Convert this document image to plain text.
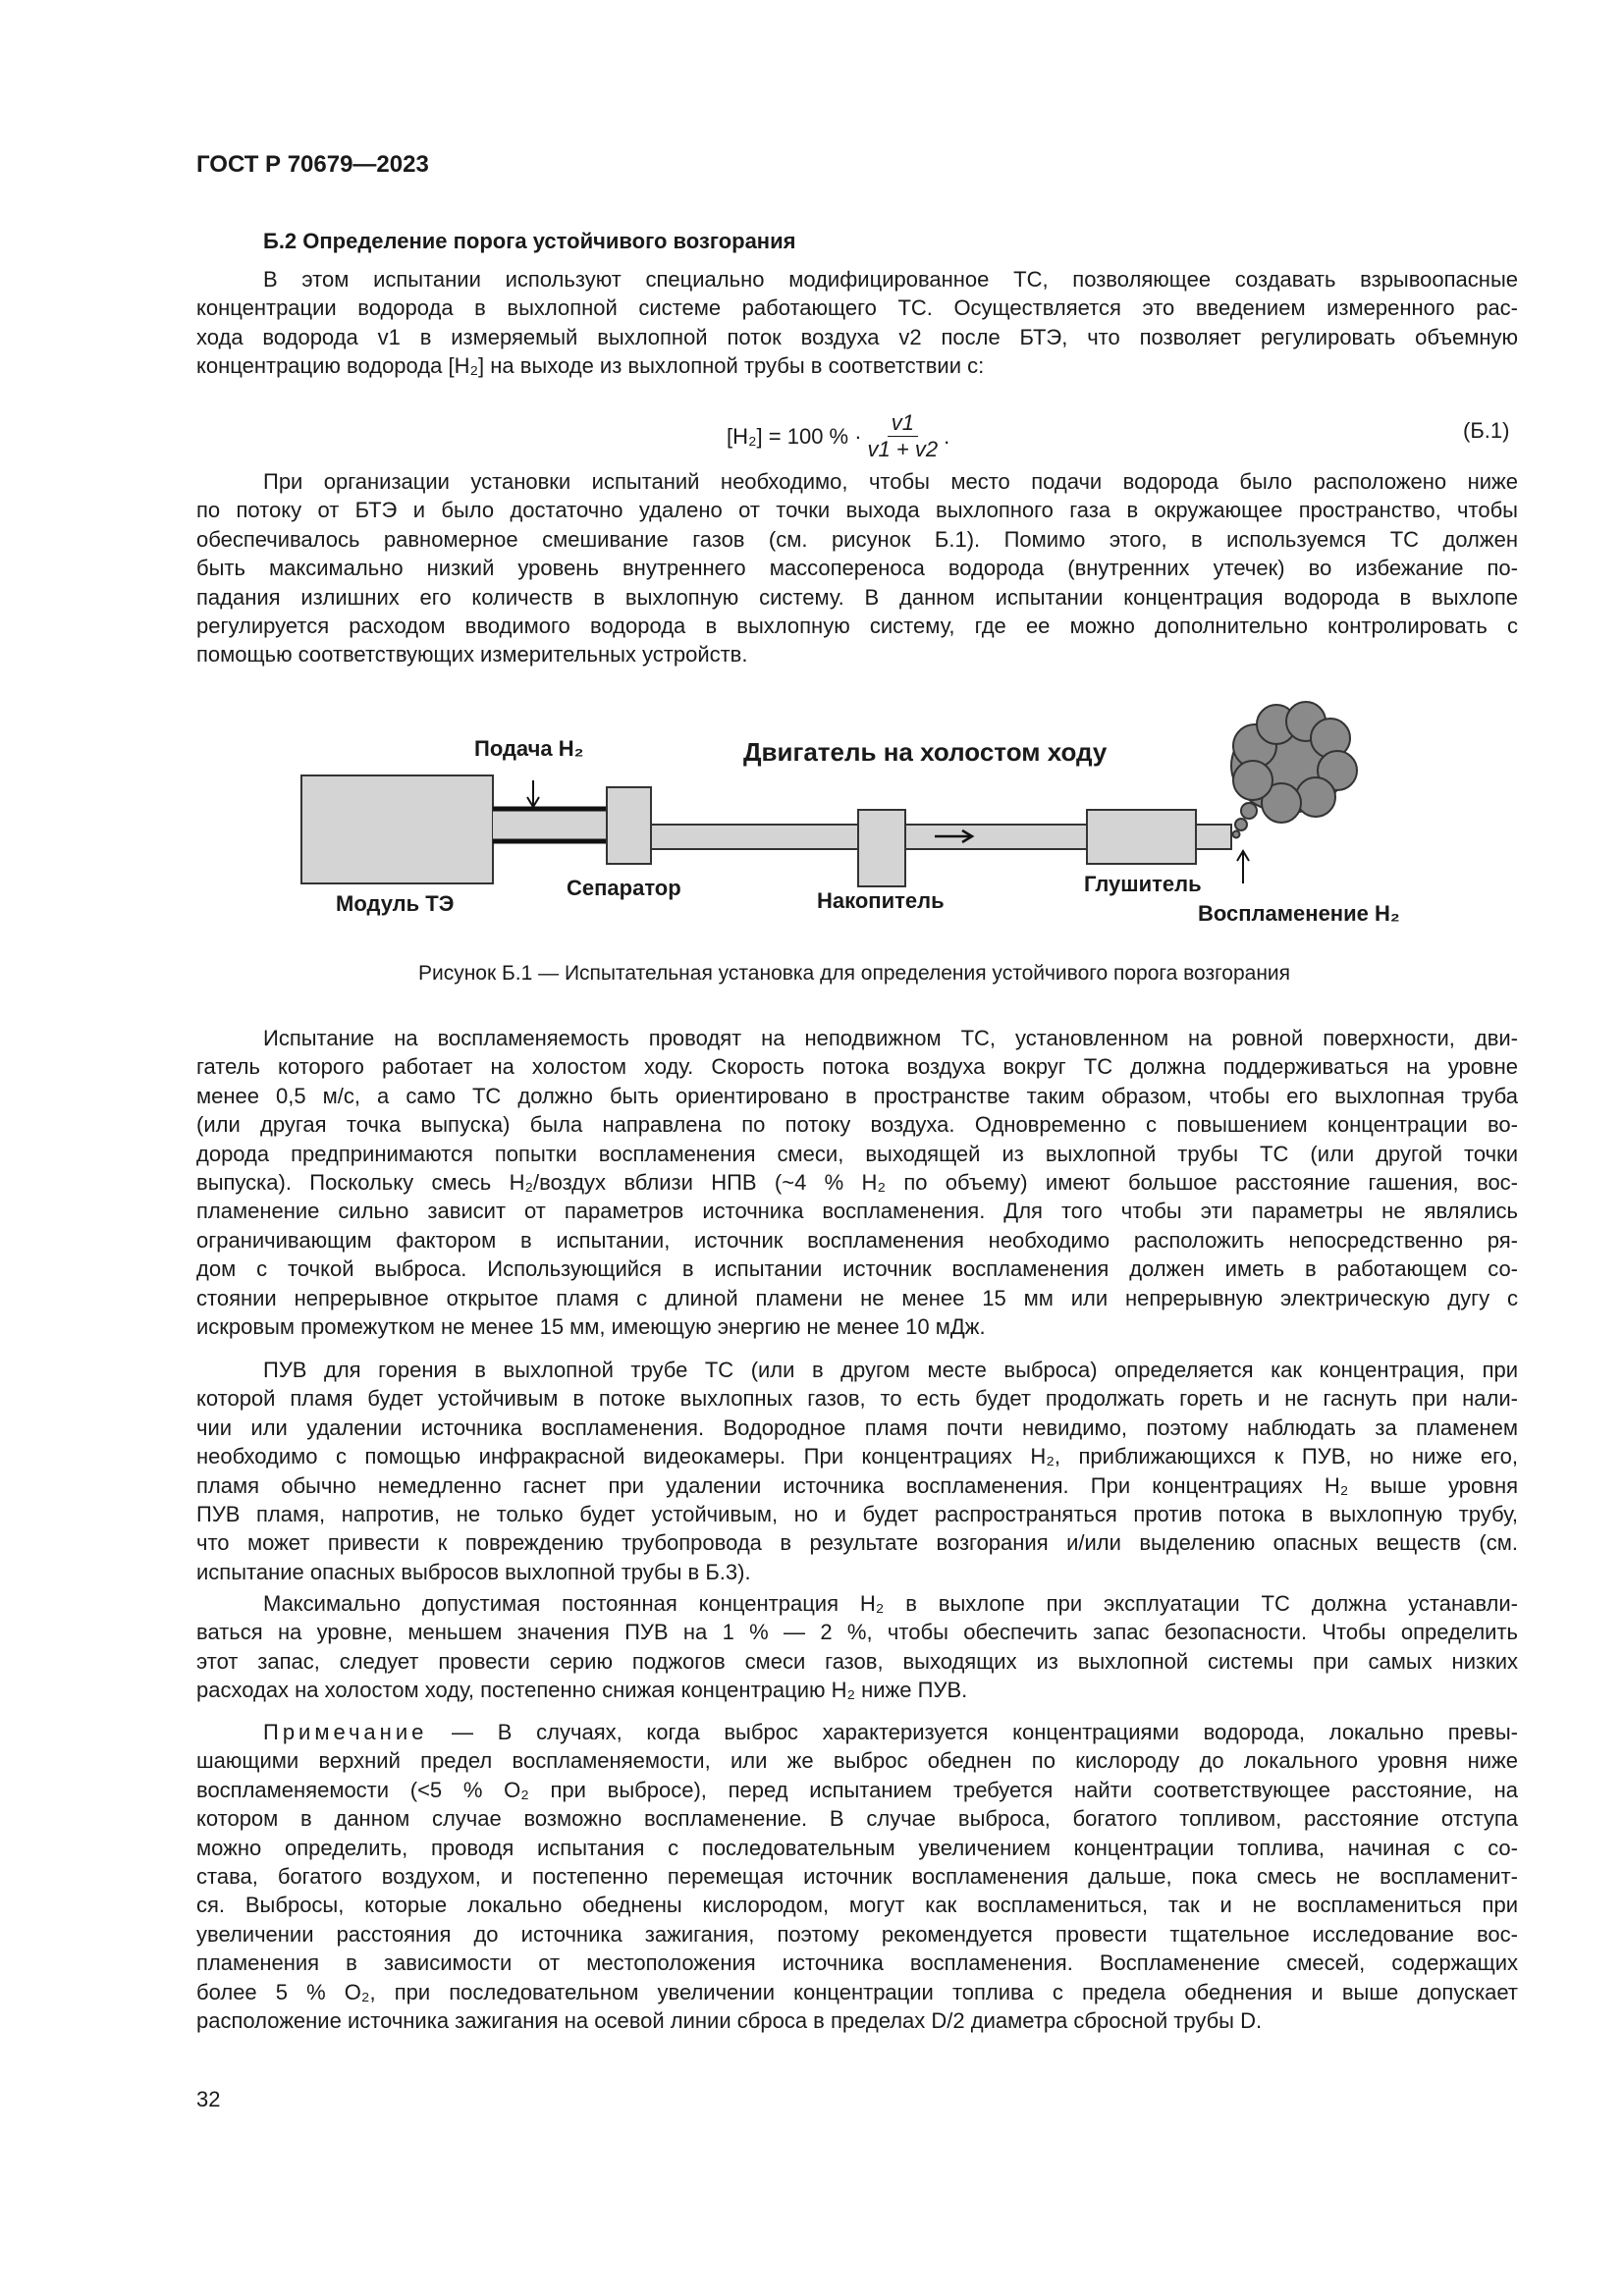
ГОСТ Р 70679—2023
Б.2 Определение порога устойчивого возгорания
В этом испытании используют специально модифицированное ТС, позволяющее создавать взрывоопасные
концентрации водорода в выхлопной системе работающего ТС. Осуществляется это введением измеренного рас-
хода водорода v1 в измеряемый выхлопной поток воздуха v2 после БТЭ, что позволяет регулировать объемную
концентрацию водорода [H₂] на выходе из выхлопной трубы в соответствии с:
[H₂] = 100 % · $\frac{v1}{v1 + v2}$ .	(Б.1)
При организации установки испытаний необходимо, чтобы место подачи водорода было расположено ниже
по потоку от БТЭ и было достаточно удалено от точки выхода выхлопного газа в окружающее пространство, чтобы
обеспечивалось равномерное смешивание газов (см. рисунок Б.1). Помимо этого, в используемся ТС должен
быть максимально низкий уровень внутреннего массопереноса водорода (внутренних утечек) во избежание по-
падания излишних его количеств в выхлопную систему. В данном испытании концентрация водорода в выхлопе
регулируется расходом вводимого водорода в выхлопную систему, где ее можно дополнительно контролировать с
помощью соответствующих измерительных устройств.
Двигатель на холостом ходу
Подача H₂
Модуль ТЭ
Сепаратор
Накопитель
Глушитель
Воспламенение H₂
Рисунок Б.1 — Испытательная установка для определения устойчивого порога возгорания
Испытание на воспламеняемость проводят на неподвижном ТС, установленном на ровной поверхности, дви-
гатель которого работает на холостом ходу. Скорость потока воздуха вокруг ТС должна поддерживаться на уровне
менее 0,5 м/с, а само ТС должно быть ориентировано в пространстве таким образом, чтобы его выхлопная труба
(или другая точка выпуска) была направлена по потоку воздуха. Одновременно с повышением концентрации во-
дорода предпринимаются попытки воспламенения смеси, выходящей из выхлопной трубы ТС (или другой точки
выпуска). Поскольку смесь H₂/воздух вблизи НПВ (~4 % H₂ по объему) имеют большое расстояние гашения, вос-
пламенение сильно зависит от параметров источника воспламенения. Для того чтобы эти параметры не являлись
ограничивающим фактором в испытании, источник воспламенения необходимо расположить непосредственно ря-
дом с точкой выброса. Использующийся в испытании источник воспламенения должен иметь в работающем со-
стоянии непрерывное открытое пламя с длиной пламени не менее 15 мм или непрерывную электрическую дугу с
искровым промежутком не менее 15 мм, имеющую энергию не менее 10 мДж.
ПУВ для горения в выхлопной трубе ТС (или в другом месте выброса) определяется как концентрация, при
которой пламя будет устойчивым в потоке выхлопных газов, то есть будет продолжать гореть и не гаснуть при нали-
чии или удалении источника воспламенения. Водородное пламя почти невидимо, поэтому наблюдать за пламенем
необходимо с помощью инфракрасной видеокамеры. При концентрациях H₂, приближающихся к ПУВ, но ниже его,
пламя обычно немедленно гаснет при удалении источника воспламенения. При концентрациях H₂ выше уровня
ПУВ пламя, напротив, не только будет устойчивым, но и будет распространяться против потока в выхлопную трубу,
что может привести к повреждению трубопровода в результате возгорания и/или выделению опасных веществ (см.
испытание опасных выбросов выхлопной трубы в Б.3).
Максимально допустимая постоянная концентрация H₂ в выхлопе при эксплуатации ТС должна устанавли-
ваться на уровне, меньшем значения ПУВ на 1 % — 2 %, чтобы обеспечить запас безопасности. Чтобы определить
этот запас, следует провести серию поджогов смеси газов, выходящих из выхлопной системы при самых низких
расходах на холостом ходу, постепенно снижая концентрацию H₂ ниже ПУВ.
Примечание — В случаях, когда выброс характеризуется концентрациями водорода, локально превы-
шающими верхний предел воспламеняемости, или же выброс обеднен по кислороду до локального уровня ниже
воспламеняемости (<5 % O₂ при выбросе), перед испытанием требуется найти соответствующее расстояние, на
котором в данном случае возможно воспламенение. В случае выброса, богатого топливом, расстояние отступа
можно определить, проводя испытания с последовательным увеличением концентрации топлива, начиная с со-
става, богатого воздухом, и постепенно перемещая источник воспламенения дальше, пока смесь не воспламенит-
ся. Выбросы, которые локально обеднены кислородом, могут как воспламениться, так и не воспламениться при
увеличении расстояния до источника зажигания, поэтому рекомендуется провести тщательное исследование вос-
пламенения в зависимости от местоположения источника воспламенения. Воспламенение смесей, содержащих
более 5 % O₂, при последовательном увеличении концентрации топлива с предела обеднения и выше допускает
расположение источника зажигания на осевой линии сброса в пределах D/2 диаметра сбросной трубы D.
32
